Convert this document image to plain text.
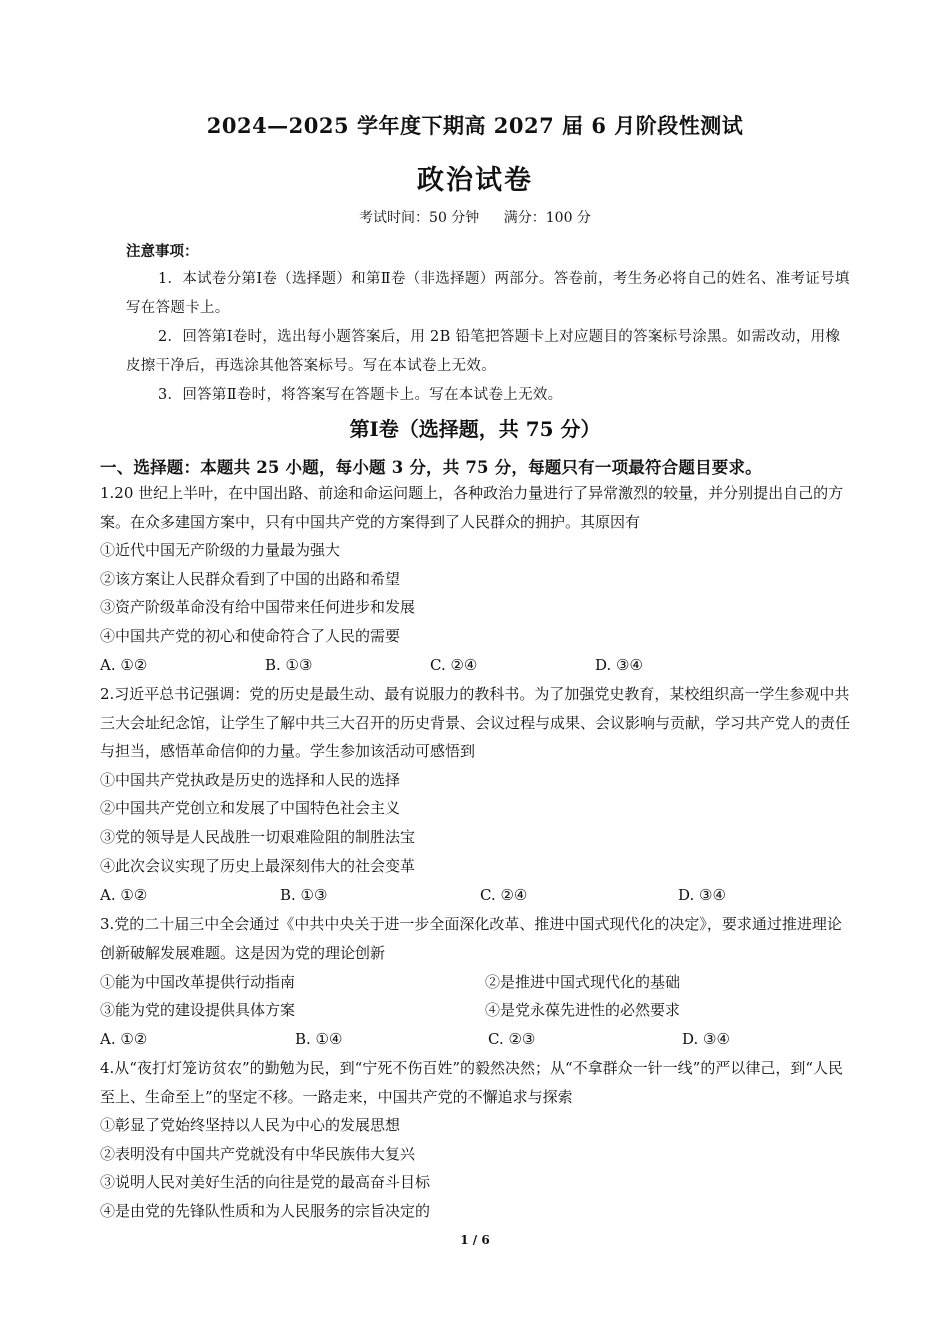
2024—2025 学年度下期高 2027 届 6 月阶段性测试
政治试卷
考试时间：50 分钟 满分：100 分
注意事项：

1．本试卷分第Ⅰ卷（选择题）和第Ⅱ卷（非选择题）两部分。答卷前，考生务必将自己的姓名、准考证号填写在答题卡上。

2．回答第Ⅰ卷时，选出每小题答案后，用 2B 铅笔把答题卡上对应题目的答案标号涂黑。如需改动，用橡皮擦干净后，再选涂其他答案标号。写在本试卷上无效。

3．回答第Ⅱ卷时，将答案写在答题卡上。写在本试卷上无效。

第Ⅰ卷（选择题，共 75 分）
一、选择题：本题共 25 小题，每小题 3 分，共 75 分，每题只有一项最符合题目要求。

1.20 世纪上半叶，在中国出路、前途和命运问题上，各种政治力量进行了异常激烈的较量，并分别提出自己的方案。在众多建国方案中，只有中国共产党的方案得到了人民群众的拥护。其原因有

①近代中国无产阶级的力量最为强大

②该方案让人民群众看到了中国的出路和希望

③资产阶级革命没有给中国带来任何进步和发展

④中国共产党的初心和使命符合了人民的需要

A. ①②	B. ①③	C. ②④	D. ③④

2.习近平总书记强调：党的历史是最生动、最有说服力的教科书。为了加强党史教育，某校组织高一学生参观中共三大会址纪念馆，让学生了解中共三大召开的历史背景、会议过程与成果、会议影响与贡献，学习共产党人的责任与担当，感悟革命信仰的力量。学生参加该活动可感悟到

①中国共产党执政是历史的选择和人民的选择

②中国共产党创立和发展了中国特色社会主义

③党的领导是人民战胜一切艰难险阻的制胜法宝

④此次会议实现了历史上最深刻伟大的社会变革

A. ①②	B. ①③	C. ②④	D. ③④

3.党的二十届三中全会通过《中共中央关于进一步全面深化改革、推进中国式现代化的决定》，要求通过推进理论创新破解发展难题。这是因为党的理论创新

①能为中国改革提供行动指南	②是推进中国式现代化的基础
③能为党的建设提供具体方案	④是党永葆先进性的必然要求
A. ①②	B. ①④	C. ②③	D. ③④

4.从“夜打灯笼访贫农”的勤勉为民，到“宁死不伤百姓”的毅然决然；从“不拿群众一针一线”的严以律己，到“人民至上、生命至上”的坚定不移。一路走来，中国共产党的不懈追求与探索

①彰显了党始终坚持以人民为中心的发展思想

②表明没有中国共产党就没有中华民族伟大复兴

③说明人民对美好生活的向往是党的最高奋斗目标

④是由党的先锋队性质和为人民服务的宗旨决定的

1 / 6
